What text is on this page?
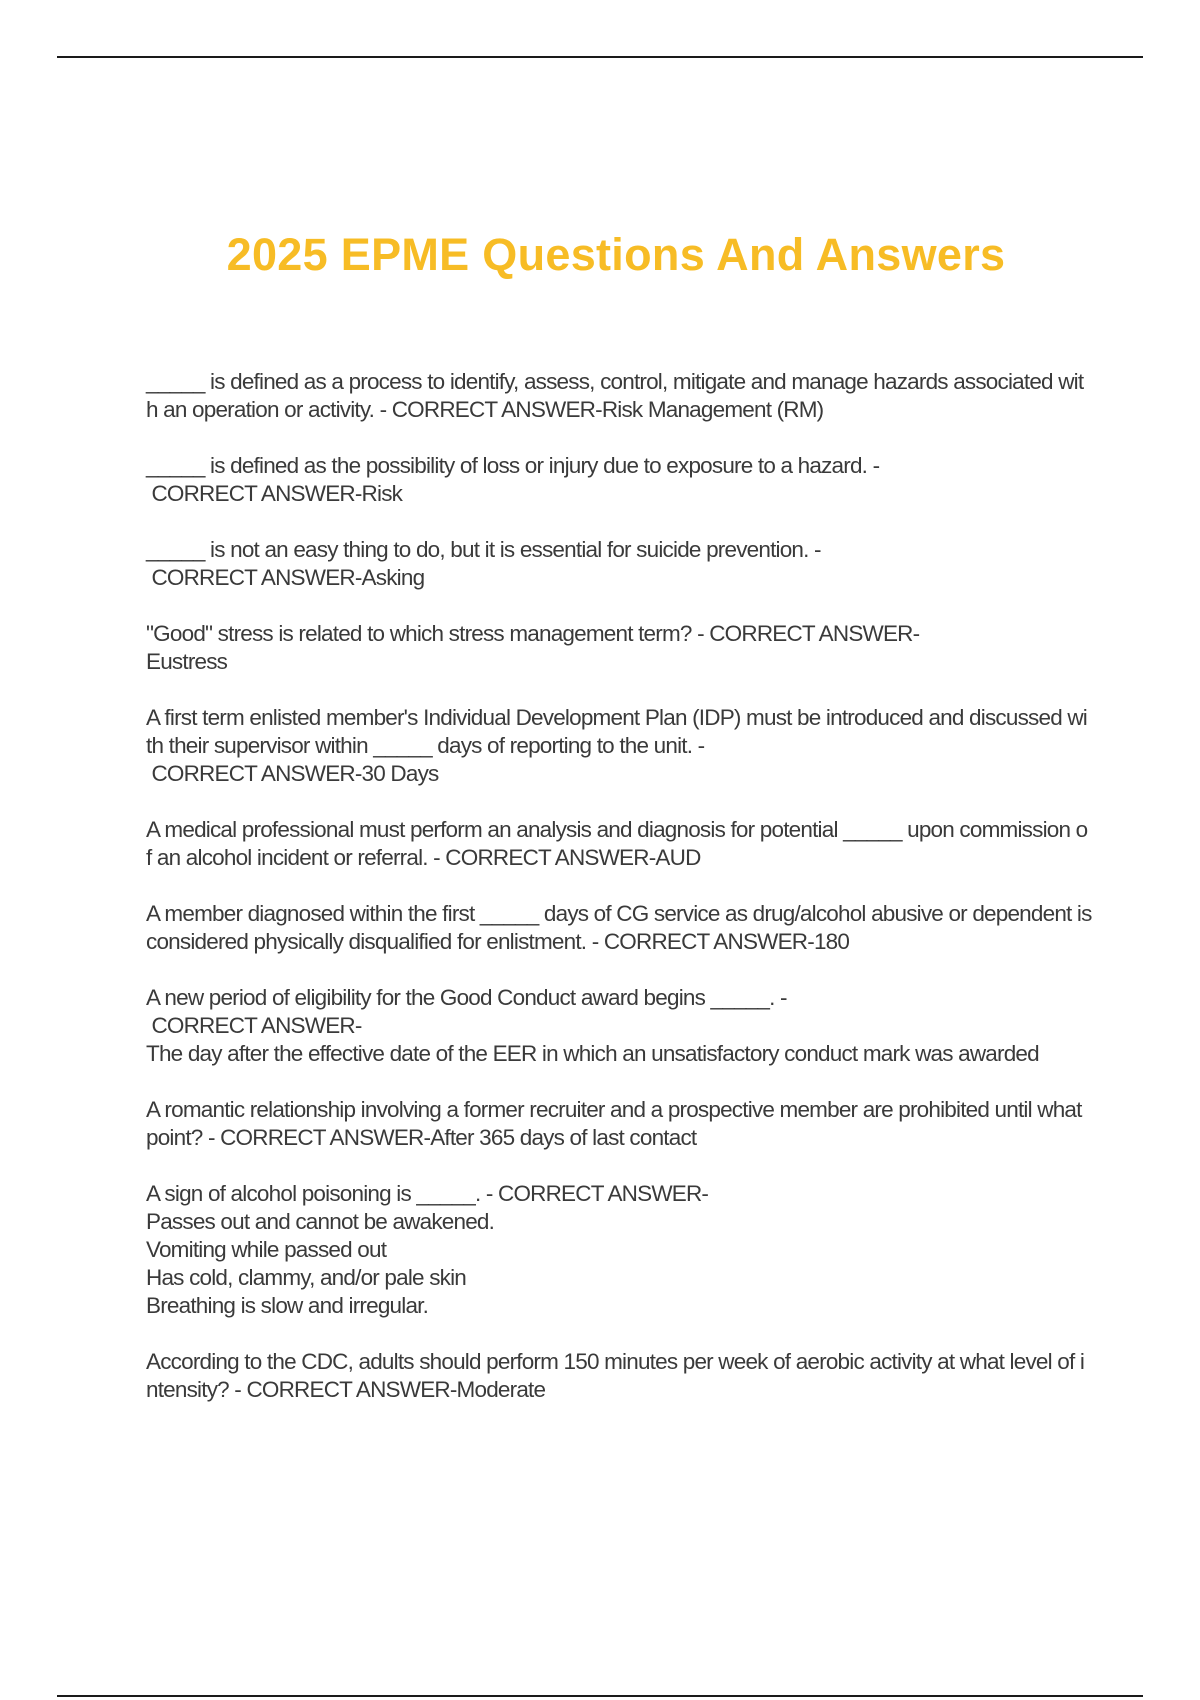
2025 EPME Questions And Answers
_____ is defined as a process to identify, assess, control, mitigate and manage hazards associated with an operation or activity. - CORRECT ANSWER-Risk Management (RM)
_____ is defined as the possibility of loss or injury due to exposure to a hazard. -
CORRECT ANSWER-Risk
_____ is not an easy thing to do, but it is essential for suicide prevention. -
CORRECT ANSWER-Asking
"Good" stress is related to which stress management term? - CORRECT ANSWER-
Eustress
A first term enlisted member's Individual Development Plan (IDP) must be introduced and discussed with their supervisor within _____ days of reporting to the unit. -
CORRECT ANSWER-30 Days
A medical professional must perform an analysis and diagnosis for potential _____ upon commission of an alcohol incident or referral. - CORRECT ANSWER-AUD
A member diagnosed within the first _____ days of CG service as drug/alcohol abusive or dependent is considered physically disqualified for enlistment. - CORRECT ANSWER-180
A new period of eligibility for the Good Conduct award begins _____. -
CORRECT ANSWER-
The day after the effective date of the EER in which an unsatisfactory conduct mark was awarded
A romantic relationship involving a former recruiter and a prospective member are prohibited until what point? - CORRECT ANSWER-After 365 days of last contact
A sign of alcohol poisoning is _____. - CORRECT ANSWER-
Passes out and cannot be awakened.
Vomiting while passed out
Has cold, clammy, and/or pale skin
Breathing is slow and irregular.
According to the CDC, adults should perform 150 minutes per week of aerobic activity at what level of intensity? - CORRECT ANSWER-Moderate
